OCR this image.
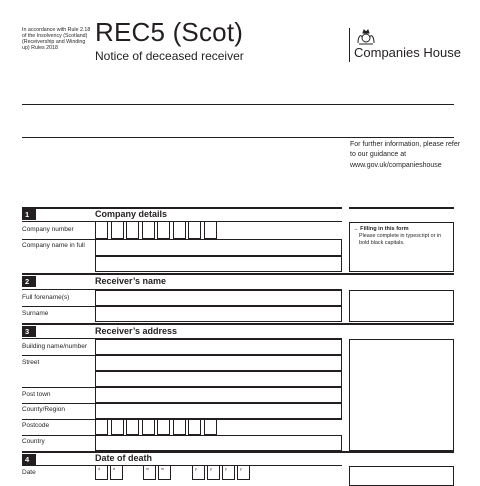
In accordance with Rule 2.18 of the Insolvency (Scotland) (Receivership and Winding up) Rules 2018
REC5 (Scot)
Notice of deceased receiver	Companies House
For further information, please refer to our guidance at www.gov.uk/companieshouse
1	Company details
Company number
Company name in full
→ Filling in this form
Please complete in typescript or in bold black capitals.
2	Receiver’s name
Full forename(s)
Surname
3	Receiver’s address
Building name/number
Street
Post town
County/Region
Postcode
Country
4	Date of death
Date	d	d	m	m	y	y	y	y
